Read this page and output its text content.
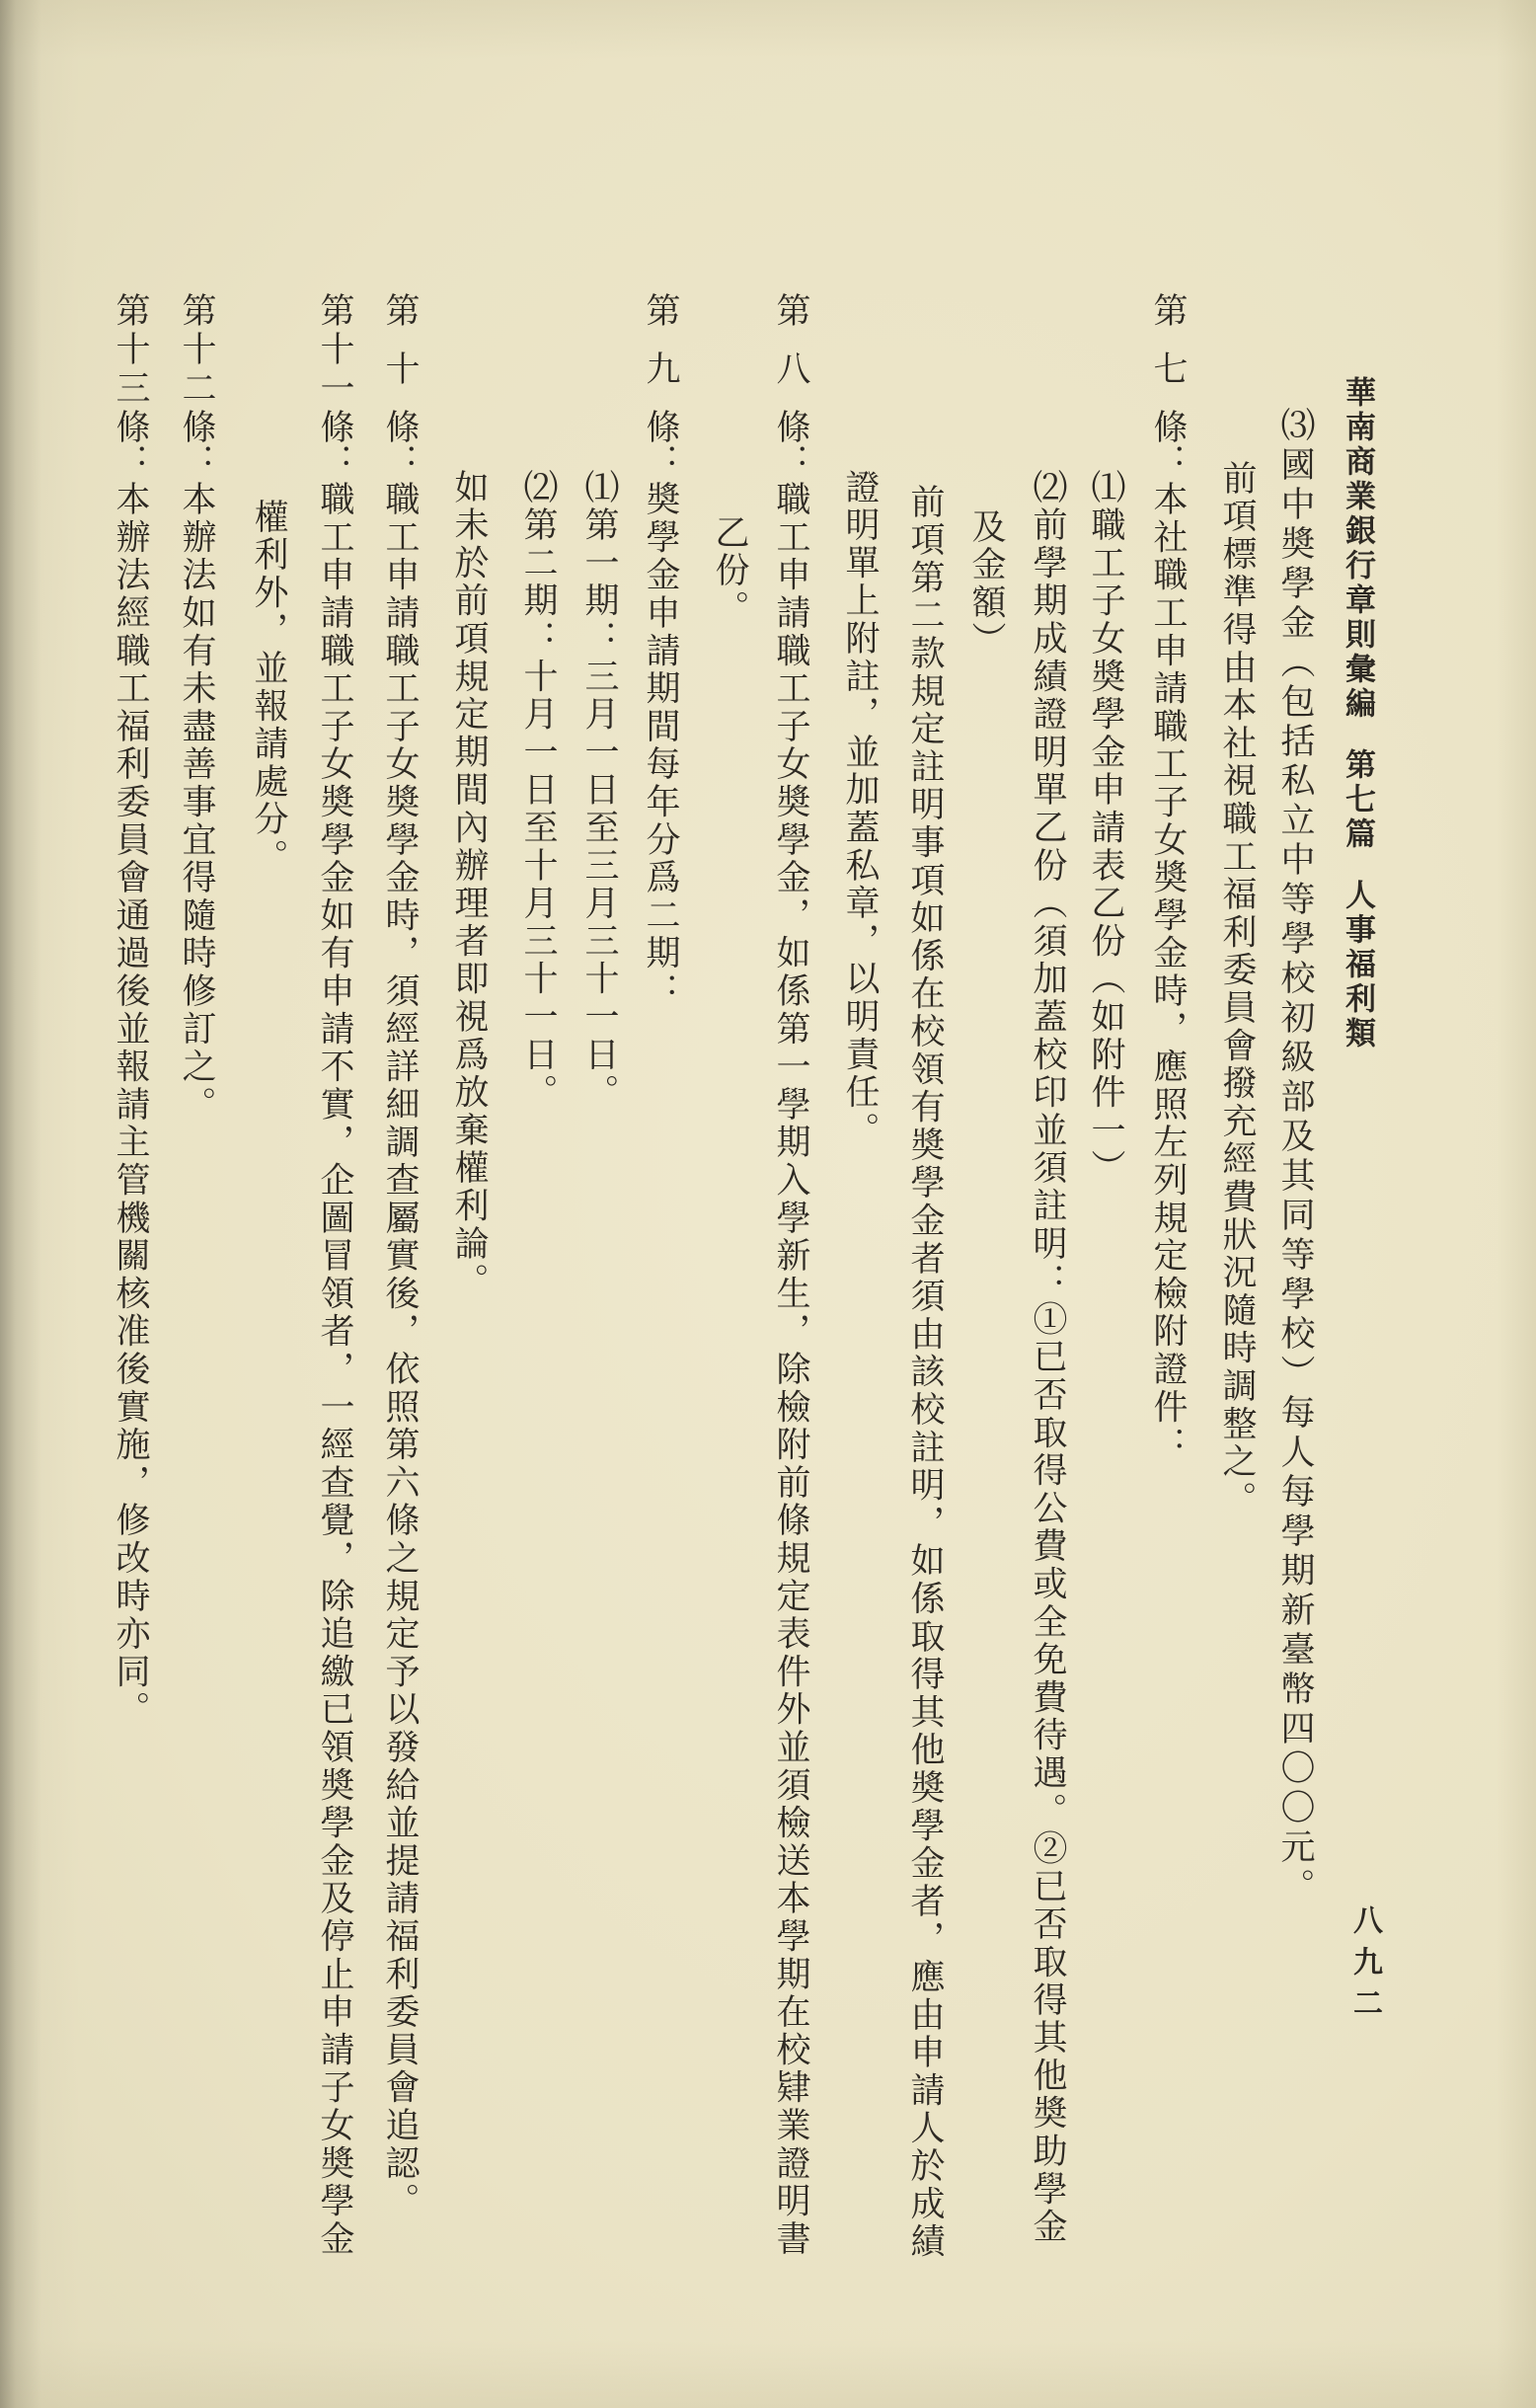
華南商業銀行章則彙編第七篇人事福利類
八九二
⑶國中奬學金（包括私立中等學校初級部及其同等學校）每人每學期新臺幣四〇〇元。
前項標準得由本社視職工福利委員會撥充經費狀況隨時調整之。
第七條：本社職工申請職工子女奬學金時，應照左列規定檢附證件：
⑴職工子女奬學金申請表乙份（如附件一）
⑵前學期成績證明單乙份（須加蓋校印並須註明：①已否取得公費或全免費待遇。②已否取得其他奬助學金
及金額）
前項第二款規定註明事項如係在校領有奬學金者須由該校註明，如係取得其他奬學金者，應由申請人於成績
證明單上附註，並加蓋私章，以明責任。
第八條：職工申請職工子女奬學金，如係第一學期入學新生，除檢附前條規定表件外並須檢送本學期在校肄業證明書
乙份。
第九條：奬學金申請期間每年分爲二期：
⑴第一期：三月一日至三月三十一日。
⑵第二期：十月一日至十月三十一日。
如未於前項規定期間內辦理者即視爲放棄權利論。
第十條：職工申請職工子女奬學金時，須經詳細調查屬實後，依照第六條之規定予以發給並提請福利委員會追認。
第十一條：職工申請職工子女奬學金如有申請不實，企圖冒領者，一經查覺，除追繳已領奬學金及停止申請子女奬學金
權利外，並報請處分。
第十二條：本辦法如有未盡善事宜得隨時修訂之。
第十三條：本辦法經職工福利委員會通過後並報請主管機關核准後實施，修改時亦同。
